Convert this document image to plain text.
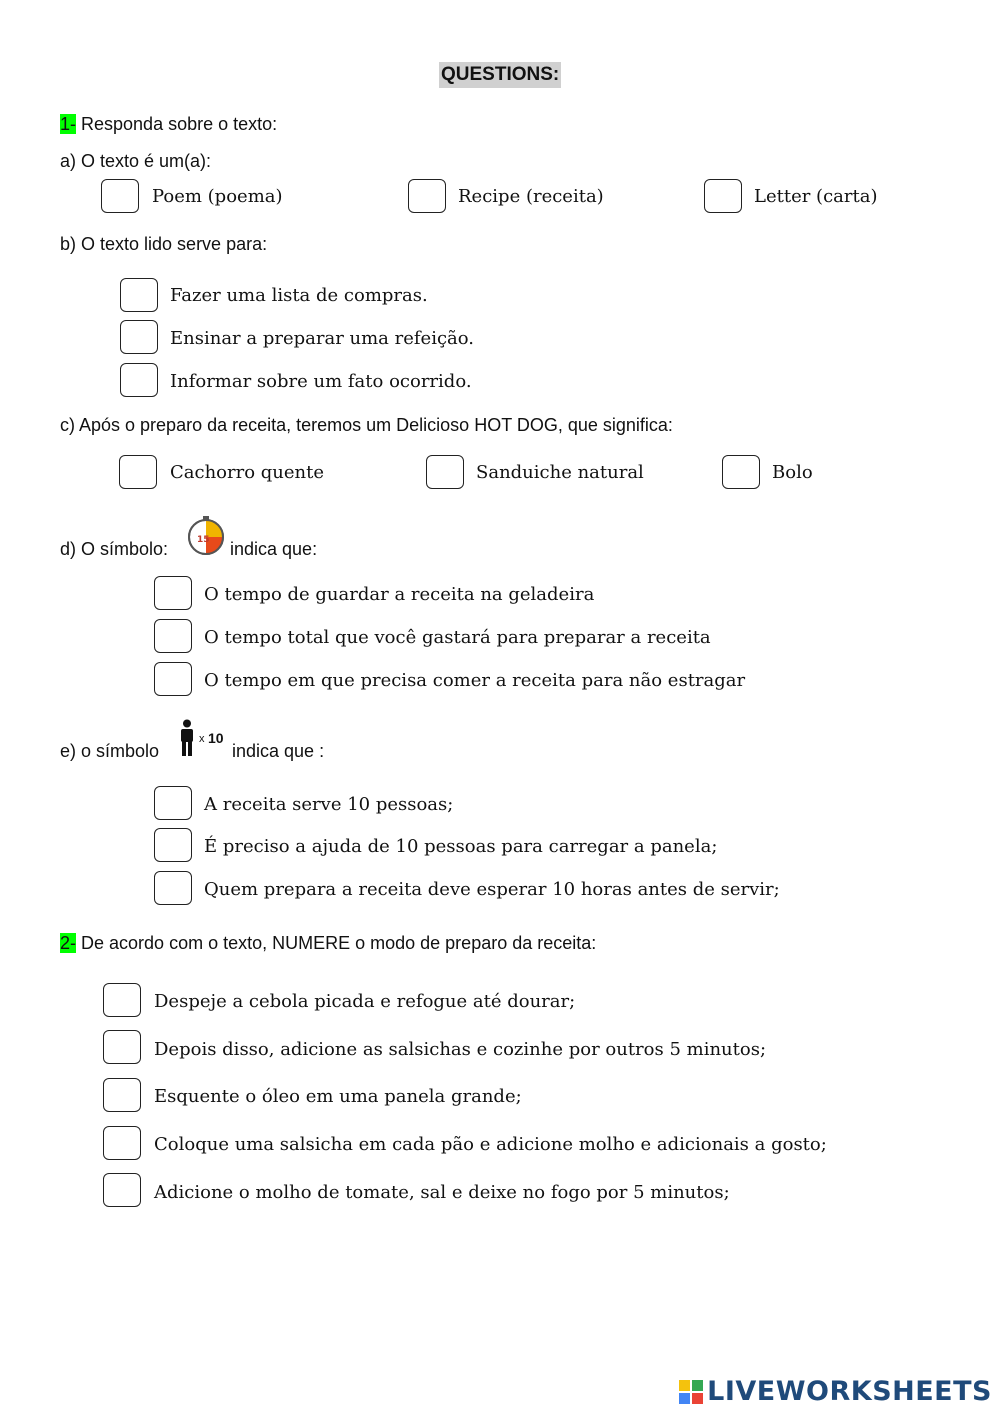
QUESTIONS:
1- Responda sobre o texto:
a) O texto é um(a):
Poem (poema)	Recipe (receita)	Letter (carta)
b) O texto lido serve para:
Fazer uma lista de compras.
Ensinar a preparar uma refeição.
Informar sobre um fato ocorrido.
c) Após o preparo da receita, teremos um Delicioso HOT DOG, que significa:
Cachorro quente	Sanduiche natural	Bolo
d) O símbolo:	15 indica que:
O tempo de guardar a receita na geladeira
O tempo total que você gastará para preparar a receita
O tempo em que precisa comer a receita para não estragar
e) o símbolo
x 10
indica que :
A receita serve 10 pessoas;
É preciso a ajuda de 10 pessoas para carregar a panela;
Quem prepara a receita deve esperar 10 horas antes de servir;
2- De acordo com o texto, NUMERE o modo de preparo da receita:
Despeje a cebola picada e refogue até dourar;
Depois disso, adicione as salsichas e cozinhe por outros 5 minutos;
Esquente o óleo em uma panela grande;
Coloque uma salsicha em cada pão e adicione molho e adicionais a gosto;
Adicione o molho de tomate, sal e deixe no fogo por 5 minutos;
LIVEWORKSHEETS
